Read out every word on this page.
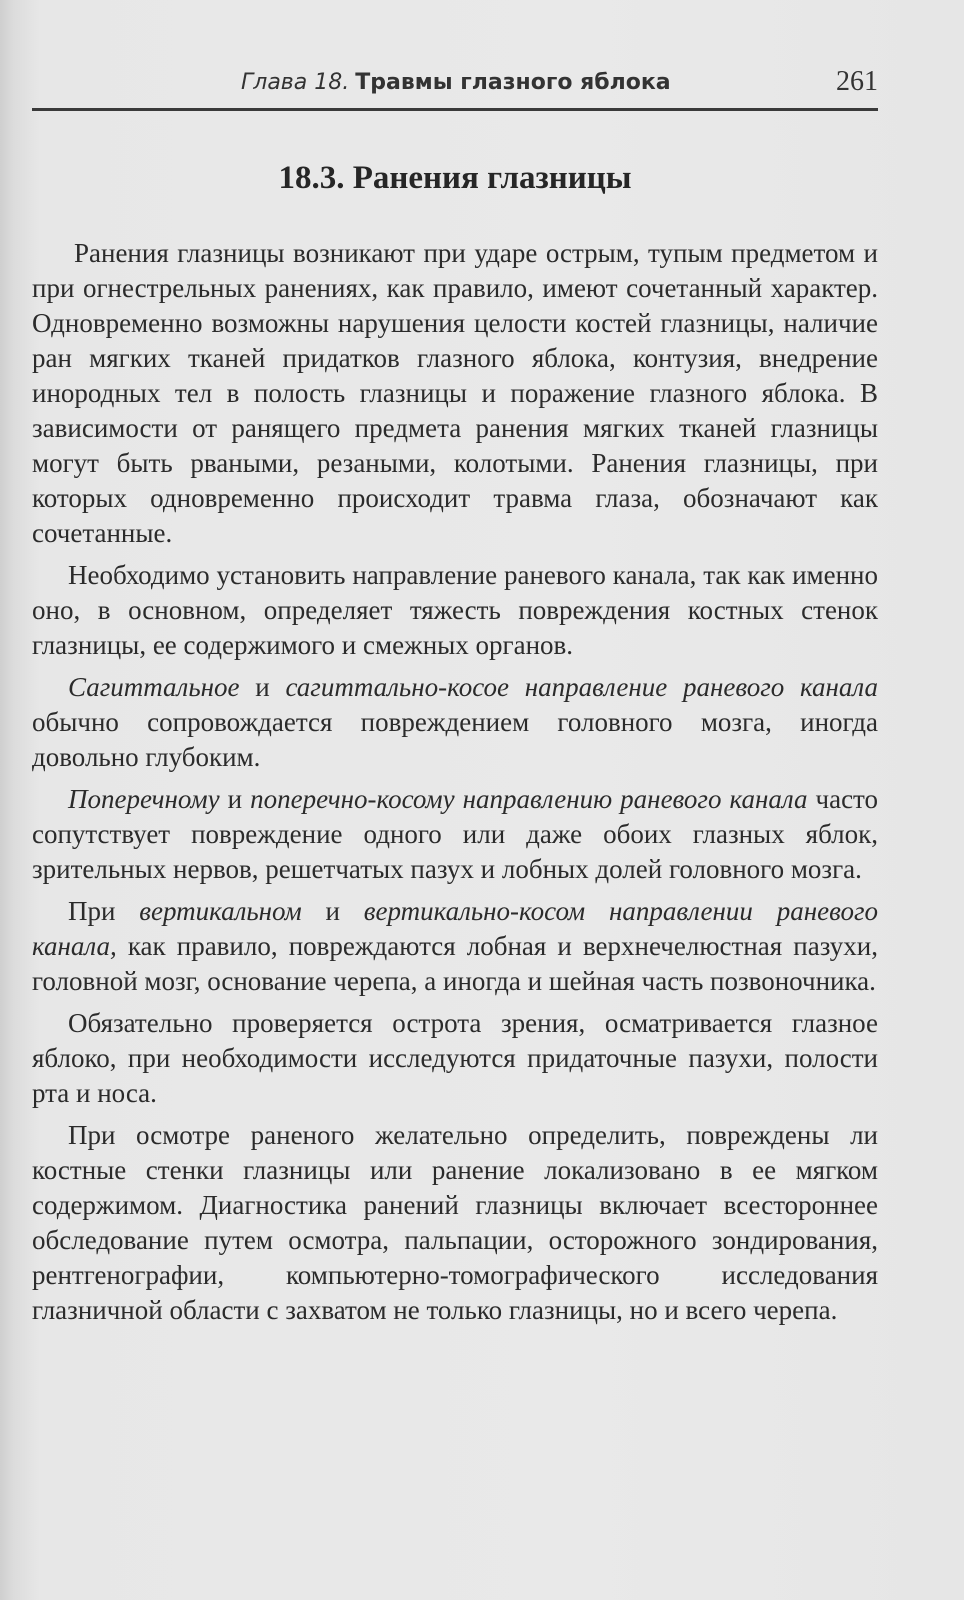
Глава 18. Травмы глазного яблока	261
18.3. Ранения глазницы

Ранения глазницы возникают при ударе острым, тупым предметом и при огнестрельных ранениях, как правило, имеют сочетанный характер. Одновременно возможны нарушения целости костей глазницы, наличие ран мягких тканей придатков глазного яблока, контузия, внедрение инородных тел в полость глазницы и поражение глазного яблока. В зависимости от ранящего предмета ранения мягких тканей глазницы могут быть рваными, резаными, колотыми. Ранения глазницы, при которых одновременно происходит травма глаза, обозначают как сочетанные.

Необходимо установить направление раневого канала, так как именно оно, в основном, определяет тяжесть повреждения костных стенок глазницы, ее содержимого и смежных органов.

Сагиттальное и сагиттально-косое направление раневого канала обычно сопровождается повреждением головного мозга, иногда довольно глубоким.

Поперечному и поперечно-косому направлению раневого канала часто сопутствует повреждение одного или даже обоих глазных яблок, зрительных нервов, решетчатых пазух и лобных долей головного мозга.

При вертикальном и вертикально-косом направлении раневого канала, как правило, повреждаются лобная и верхнечелюстная пазухи, головной мозг, основание черепа, а иногда и шейная часть позвоночника.

Обязательно проверяется острота зрения, осматривается глазное яблоко, при необходимости исследуются придаточные пазухи, полости рта и носа.

При осмотре раненого желательно определить, повреждены ли костные стенки глазницы или ранение локализовано в ее мягком содержимом. Диагностика ранений глазницы включает всестороннее обследование путем осмотра, пальпации, осторожного зондирования, рентгенографии, компьютерно-томографического исследования глазничной области с захватом не только глазницы, но и всего черепа.
